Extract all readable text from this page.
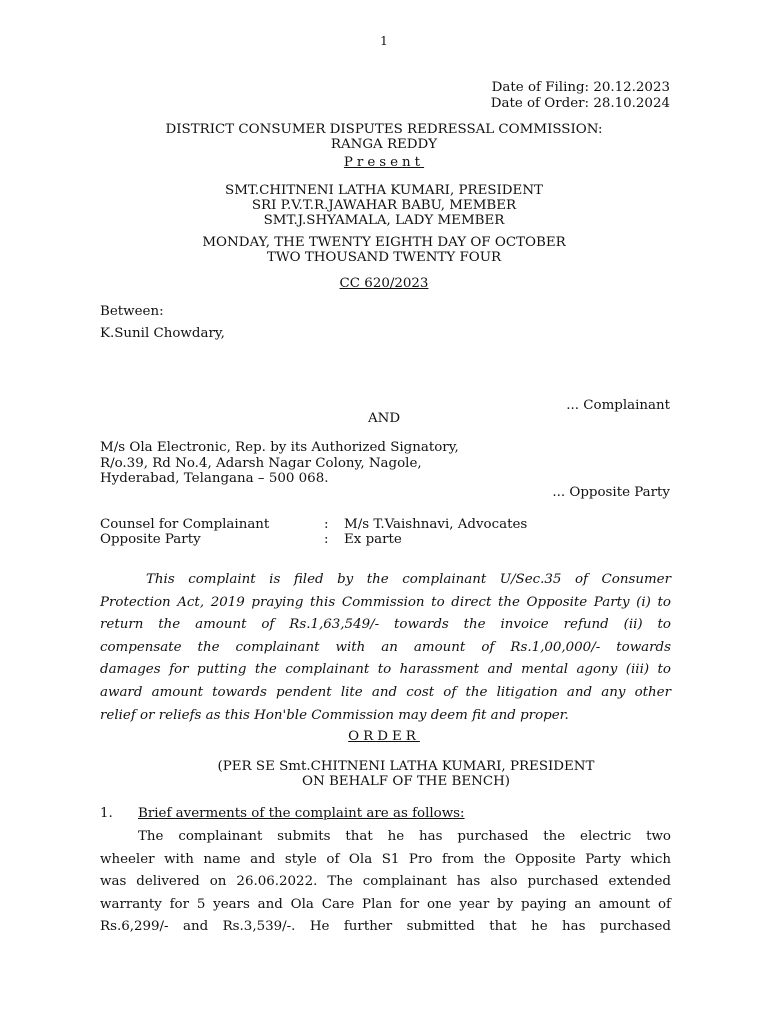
1
Date of Filing: 20.12.2023
Date of Order: 28.10.2024
DISTRICT CONSUMER DISPUTES REDRESSAL COMMISSION:
RANGA REDDY
Present
SMT.CHITNENI LATHA KUMARI, PRESIDENT
SRI P.V.T.R.JAWAHAR BABU, MEMBER
SMT.J.SHYAMALA, LADY MEMBER
MONDAY, THE TWENTY EIGHTH DAY OF OCTOBER
TWO THOUSAND TWENTY FOUR
CC 620/2023
Between:
K.Sunil Chowdary,
... Complainant
AND
M/s Ola Electronic, Rep. by its Authorized Signatory,
R/o.39, Rd No.4, Adarsh Nagar Colony, Nagole,
Hyderabad, Telangana – 500 068.
... Opposite Party
Counsel for Complainant	: M/s T.Vaishnavi, Advocates
Opposite Party	: Ex parte
This complaint is filed by the complainant U/Sec.35 of Consumer
Protection Act, 2019 praying this Commission to direct the Opposite Party (i) to
return the amount of Rs.1,63,549/- towards the invoice refund (ii) to
compensate the complainant with an amount of Rs.1,00,000/- towards
damages for putting the complainant to harassment and mental agony (iii) to
award amount towards pendent lite and cost of the litigation and any other
relief or reliefs as this Hon'ble Commission may deem fit and proper.
ORDER
(PER SE Smt.CHITNENI LATHA KUMARI, PRESIDENT
ON BEHALF OF THE BENCH)
1. Brief averments of the complaint are as follows:
The complainant submits that he has purchased the electric two
wheeler with name and style of Ola S1 Pro from the Opposite Party which
was delivered on 26.06.2022. The complainant has also purchased extended
warranty for 5 years and Ola Care Plan for one year by paying an amount of
Rs.6,299/- and Rs.3,539/-. He further submitted that he has purchased
